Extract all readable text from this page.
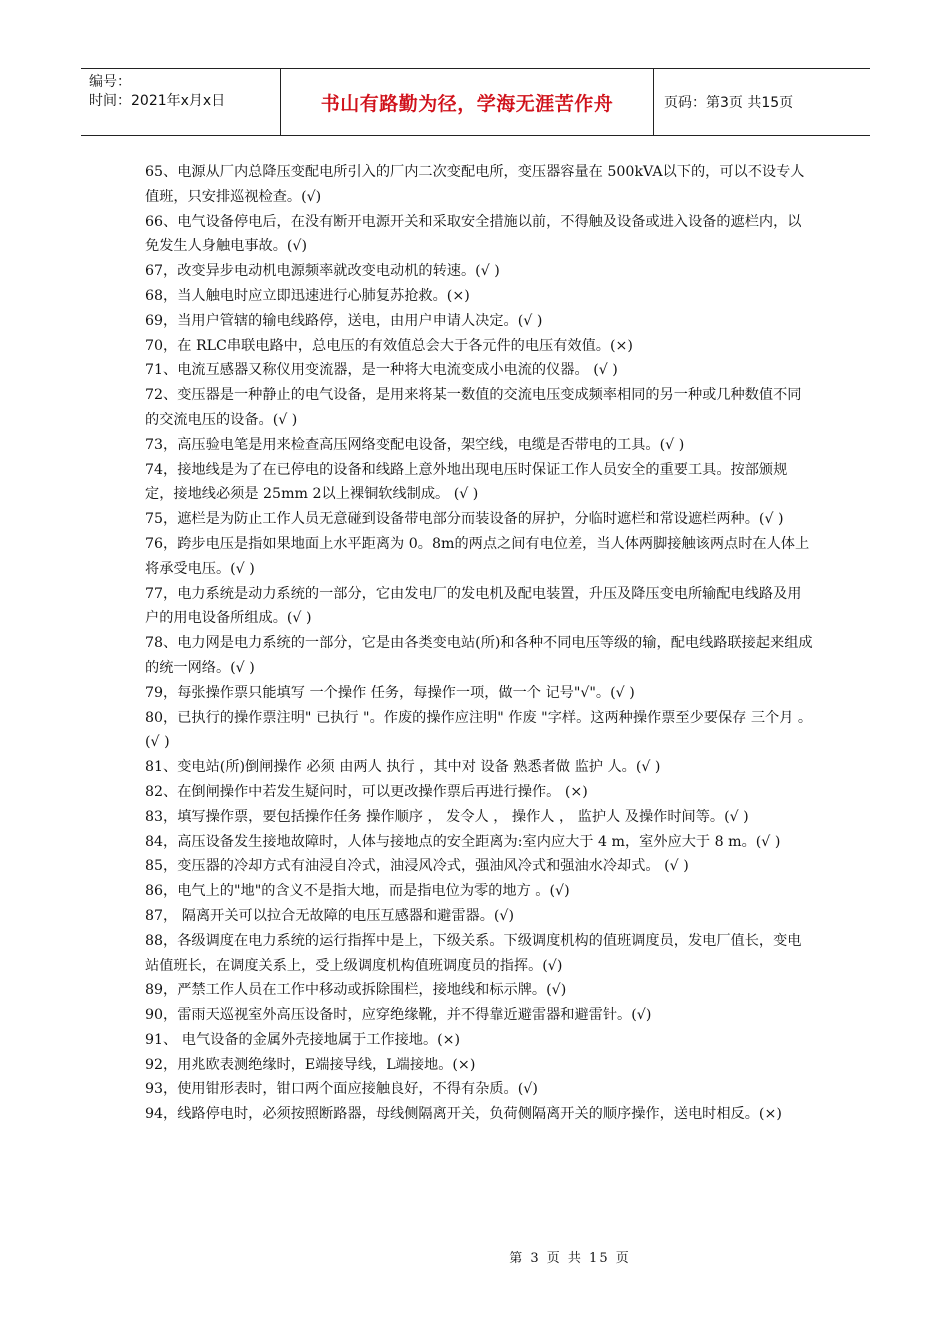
编号：
时间：2021年x月x日	书山有路勤为径，学海无涯苦作舟	页码：第3页 共15页

65、电源从厂内总降压变配电所引入的厂内二次变配电所，变压器容量在 500kVA以下的，可以不设专人值班，只安排巡视检查。(√)

66、电气设备停电后，在没有断开电源开关和采取安全措施以前，不得触及设备或进入设备的遮栏内，以免发生人身触电事故。(√)

67，改变异步电动机电源频率就改变电动机的转速。(√ )

68，当人触电时应立即迅速进行心肺复苏抢救。(×)

69，当用户管辖的输电线路停，送电，由用户申请人决定。(√ )

70，在 RLC串联电路中，总电压的有效值总会大于各元件的电压有效值。(×)

71、电流互感器又称仪用变流器，是一种将大电流变成小电流的仪器。 (√ )

72、变压器是一种静止的电气设备，是用来将某一数值的交流电压变成频率相同的另一种或几种数值不同的交流电压的设备。(√ )

73，高压验电笔是用来检查高压网络变配电设备，架空线，电缆是否带电的工具。(√ )

74，接地线是为了在已停电的设备和线路上意外地出现电压时保证工作人员安全的重要工具。按部颁规定，接地线必须是 25mm 2以上裸铜软线制成。 (√ )

75，遮栏是为防止工作人员无意碰到设备带电部分而装设备的屏护，分临时遮栏和常设遮栏两种。(√ )

76，跨步电压是指如果地面上水平距离为 0。8m的两点之间有电位差，当人体两脚接触该两点时在人体上将承受电压。(√ )

77，电力系统是动力系统的一部分，它由发电厂的发电机及配电装置，升压及降压变电所输配电线路及用户的用电设备所组成。(√ )

78、电力网是电力系统的一部分，它是由各类变电站(所)和各种不同电压等级的输，配电线路联接起来组成的统一网络。(√ )

79，每张操作票只能填写 一个操作 任务，每操作一项，做一个 记号"√"。(√ )

80，已执行的操作票注明" 已执行 "。作废的操作应注明" 作废 "字样。这两种操作票至少要保存 三个月 。(√ )

81、变电站(所)倒闸操作 必须 由两人 执行 ，其中对 设备 熟悉者做 监护 人。(√ )

82、在倒闸操作中若发生疑问时，可以更改操作票后再进行操作。 (×)

83，填写操作票，要包括操作任务 操作顺序 ， 发令人 ， 操作人 ， 监护人 及操作时间等。(√ )

84，高压设备发生接地故障时，人体与接地点的安全距离为:室内应大于 4 m，室外应大于 8 m。(√ )

85，变压器的冷却方式有油浸自冷式，油浸风冷式，强油风冷式和强油水冷却式。 (√ )

86，电气上的"地"的含义不是指大地，而是指电位为零的地方 。(√)

87， 隔离开关可以拉合无故障的电压互感器和避雷器。(√)

88，各级调度在电力系统的运行指挥中是上，下级关系。下级调度机构的值班调度员，发电厂值长，变电站值班长，在调度关系上，受上级调度机构值班调度员的指挥。(√)

89，严禁工作人员在工作中移动或拆除围栏，接地线和标示牌。(√)

90，雷雨天巡视室外高压设备时，应穿绝缘靴，并不得靠近避雷器和避雷针。(√)

91、 电气设备的金属外壳接地属于工作接地。(×)

92，用兆欧表测绝缘时，E端接导线，L端接地。(×)

93，使用钳形表时，钳口两个面应接触良好，不得有杂质。(√)

94，线路停电时，必须按照断路器，母线侧隔离开关，负荷侧隔离开关的顺序操作，送电时相反。(×)

第 3 页 共 15 页
